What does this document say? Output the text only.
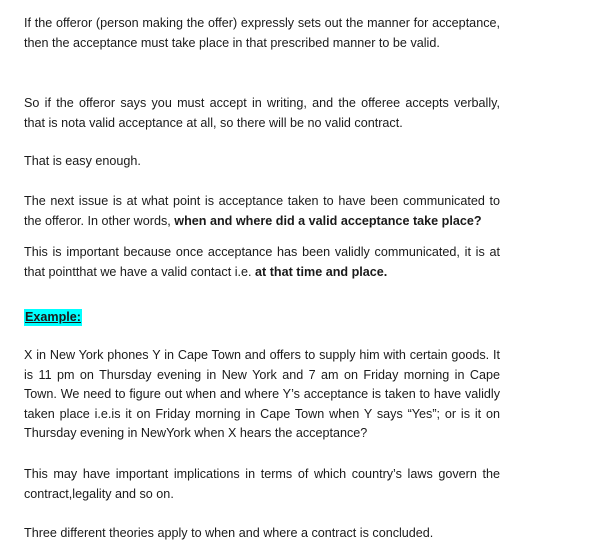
If the offeror (person making the offer) expressly sets out the manner for acceptance, then the acceptance must take place in that prescribed manner to be valid.

So if the offeror says you must accept in writing, and the offeree accepts verbally, that is nota valid acceptance at all, so there will be no valid contract.

That is easy enough.

The next issue is at what point is acceptance taken to have been communicated to the offeror. In other words, when and where did a valid acceptance take place?

This is important because once acceptance has been validly communicated, it is at that pointthat we have a valid contact i.e. at that time and place.

Example:

X in New York phones Y in Cape Town and offers to supply him with certain goods. It is 11 pm on Thursday evening in New York and 7 am on Friday morning in Cape Town. We need to figure out when and where Y’s acceptance is taken to have validly taken place i.e.is it on Friday morning in Cape Town when Y says “Yes”; or is it on Thursday evening in NewYork when X hears the acceptance?

This may have important implications in terms of which country’s laws govern the contract,legality and so on.

Three different theories apply to when and where a contract is concluded.
